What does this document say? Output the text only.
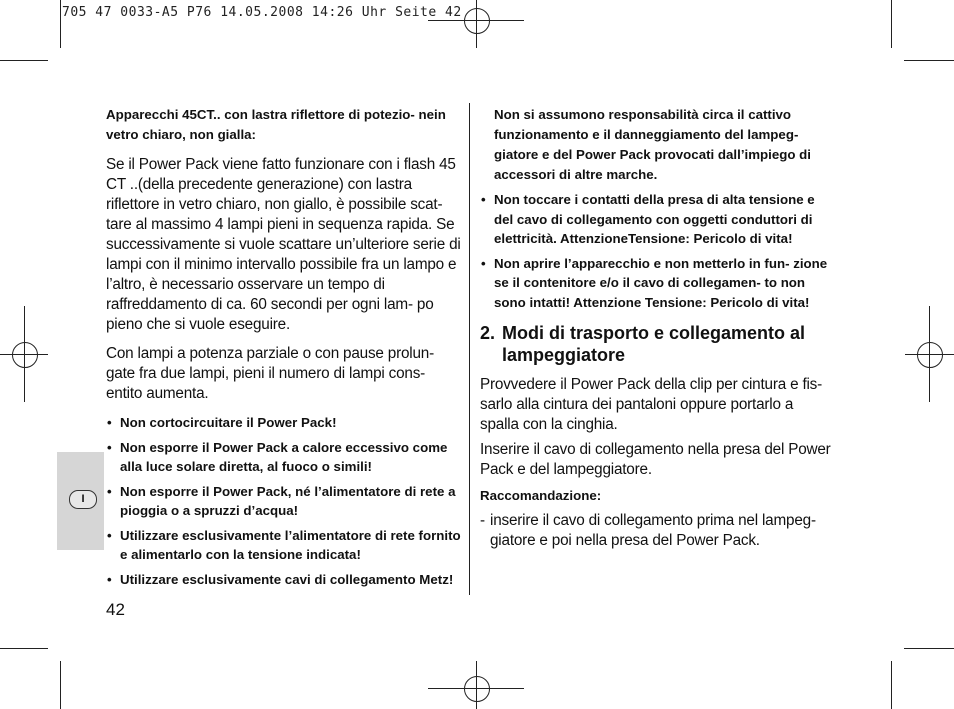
705 47 0033-A5 P76 14.05.2008 14:26 Uhr Seite 42
I

Apparecchi 45CT.. con lastra riflettore di potezio- nein vetro chiaro, non gialla:

Se il Power Pack viene fatto funzionare con i flash 45 CT ..(della precedente generazione) con lastra riflettore in vetro chiaro, non giallo, è possibile scat- tare al massimo 4 lampi pieni in sequenza rapida. Se successivamente si vuole scattare un’ulteriore serie di lampi con il minimo intervallo possibile fra un lampo e l’altro, è necessario osservare un tempo di raffreddamento di ca. 60 secondi per ogni lam- po pieno che si vuole eseguire.

Con lampi a potenza parziale o con pause prolun- gate fra due lampi, pieni il numero di lampi cons- entito aumenta.

• Non cortocircuitare il Power Pack!
• Non esporre il Power Pack a calore eccessivo come alla luce solare diretta, al fuoco o simili!
• Non esporre il Power Pack, né l’alimentatore di rete a pioggia o a spruzzi d’acqua!
• Utilizzare esclusivamente l’alimentatore di rete fornito e alimentarlo con la tensione indicata!
• Utilizzare esclusivamente cavi di collegamento Metz!
42

Non si assumono responsabilità circa il cattivo funzionamento e il danneggiamento del lampeg- giatore e del Power Pack provocati dall’impiego di accessori di altre marche.

• Non toccare i contatti della presa di alta tensione e del cavo di collegamento con oggetti conduttori di elettricità. AttenzioneTensione: Pericolo di vita!
• Non aprire l’apparecchio e non metterlo in fun- zione se il contenitore e/o il cavo di collegamen- to non sono intatti! Attenzione Tensione: Pericolo di vita!
2. Modi di trasporto e collegamento al lampeggiatore

Provvedere il Power Pack della clip per cintura e fis- sarlo alla cintura dei pantaloni oppure portarlo a spalla con la cinghia.

Inserire il cavo di collegamento nella presa del Power Pack e del lampeggiatore.

Raccomandazione:

- inserire il cavo di collegamento prima nel lampeg- giatore e poi nella presa del Power Pack.
